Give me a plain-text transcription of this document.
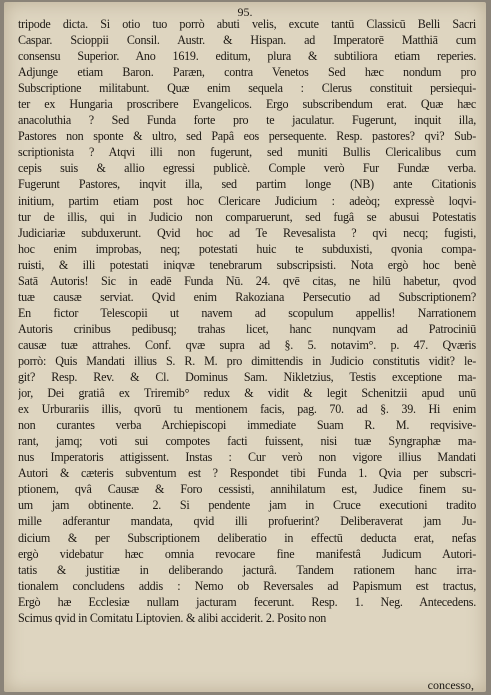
95.
tripode dicta. Si otio tuo porrò abuti velis, excute tantū Classicū Belli Sacri
Caspar. Scioppii Consil. Austr. & Hispan. ad Imperatorē Matthiā cum
consensu Superior. Ano 1619. editum, plura & subtiliora etiam reperies.
Adjunge etiam Baron. Paræn, contra Venetos Sed hæc nondum pro
Subscriptione militabunt. Quæ enim sequela : Clerus constituit persiequi-
ter ex Hungaria proscribere Evangelicos. Ergo subscribendum erat. Quæ hæc
anacoluthia ? Sed Funda forte pro te jaculatur. Fugerunt, inquit illa,
Pastores non sponte & ultro, sed Papâ eos persequente. Resp. pastores? qvi? Sub-
scriptionista ? Atqvi illi non fugerunt, sed muniti Bullis Clericalibus cum
cepis suis & allio egressi publicè. Comple verò Fur Fundæ verba.
Fugerunt Pastores, inqvit illa, sed partim longe (NB) ante Citationis
initium, partim etiam post hoc Clericare Judicium : adeòq; expressè loqvi-
tur de illis, qui in Judicio non comparuerunt, sed fugâ se abusui Potestatis
Judiciariæ subduxerunt. Qvid hoc ad Te Revesalista ? qvi necq; fugisti,
hoc enim improbas, neq; potestati huic te subduxisti, qvonia compa-
ruisti, & illi potestati iniqvæ tenebrarum subscripsisti. Nota ergò hoc benè
Satā Autoris! Sic in eadē Funda Nū. 24. qvē citas, ne hilū habetur, qvod
tuæ causæ serviat. Qvid enim Rakoziana Persecutio ad Subscriptionem?
En fictor Telescopii ut navem ad scopulum appellis! Narrationem
Autoris crinibus pedibusq; trahas licet, hanc nunqvam ad Patrociniū
causæ tuæ attrahes. Conf. qvæ supra ad §. 5. notavim°. p. 47. Qværis
porrò: Quis Mandati illius S. R. M. pro dimittendis in Judicio constitutis vidit? le-
git? Resp. Rev. & Cl. Dominus Sam. Nikletzius, Testis exceptione ma-
jor, Dei gratiâ ex Triremib° redux & vidit & legit Schenitzii apud unū
ex Urburariis illis, qvorū tu mentionem facis, pag. 70. ad §. 39. Hi enim
non curantes verba Archiepiscopi immediate Suam R. M. reqvisive-
rant, jamq; voti sui compotes facti fuissent, nisi tuæ Syngraphæ ma-
nus Imperatoris attigissent. Instas : Cur verò non vigore illius Mandati
Autori & cæteris subventum est ? Respondet tibi Funda 1. Qvia per subscri-
ptionem, qvâ Causæ & Foro cessisti, annihilatum est, Judice finem su-
um jam obtinente. 2. Si pendente jam in Cruce executioni tradito
mille adferantur mandata, qvid illi profuerint? Deliberaverat jam Ju-
dicium & per Subscriptionem deliberatio in effectū deducta erat, nefas
ergò videbatur hæc omnia revocare fine manifestâ Judicum Autori-
tatis & justitiæ in deliberando jacturâ. Tandem rationem hanc irra-
tionalem concludens addis : Nemo ob Reversales ad Papismum est tractus,
Ergò hæ Ecclesiæ nullam jacturam fecerunt. Resp. 1. Neg. Antecedens.
Scimus qvid in Comitatu Liptovien. & alibi acciderit. 2. Posito non
concesso,
